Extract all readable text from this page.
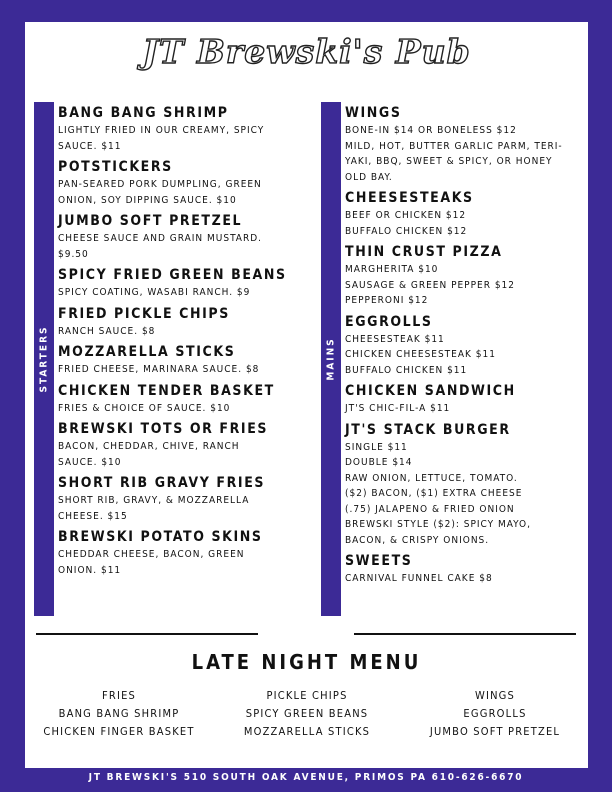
JT Brewski's Pub
STARTERS
BANG BANG SHRIMP

LIGHTLY FRIED IN OUR CREAMY, SPICY
SAUCE. $11

POTSTICKERS

PAN-SEARED PORK DUMPLING, GREEN
ONION, SOY DIPPING SAUCE. $10

JUMBO SOFT PRETZEL

CHEESE SAUCE AND GRAIN MUSTARD.
$9.50

SPICY FRIED GREEN BEANS

SPICY COATING, WASABI RANCH. $9

FRIED PICKLE CHIPS

RANCH SAUCE. $8

MOZZARELLA STICKS

FRIED CHEESE, MARINARA SAUCE. $8

CHICKEN TENDER BASKET

FRIES & CHOICE OF SAUCE. $10

BREWSKI TOTS OR FRIES

BACON, CHEDDAR, CHIVE, RANCH
SAUCE. $10

SHORT RIB GRAVY FRIES

SHORT RIB, GRAVY, & MOZZARELLA
CHEESE. $15

BREWSKI POTATO SKINS

CHEDDAR CHEESE, BACON, GREEN
ONION. $11

MAINS
WINGS

BONE-IN $14 OR BONELESS $12
MILD, HOT, BUTTER GARLIC PARM, TERI-
YAKI, BBQ, SWEET & SPICY, OR HONEY
OLD BAY.

CHEESESTEAKS

BEEF OR CHICKEN $12
BUFFALO CHICKEN $12

THIN CRUST PIZZA

MARGHERITA $10
SAUSAGE & GREEN PEPPER $12
PEPPERONI $12

EGGROLLS

CHEESESTEAK $11
CHICKEN CHEESESTEAK $11
BUFFALO CHICKEN $11

CHICKEN SANDWICH

JT'S CHIC-FIL-A $11

JT'S STACK BURGER

SINGLE $11
DOUBLE $14
RAW ONION, LETTUCE, TOMATO.
($2) BACON, ($1) EXTRA CHEESE
(.75) JALAPENO & FRIED ONION
BREWSKI STYLE ($2): SPICY MAYO,
BACON, & CRISPY ONIONS.

SWEETS

CARNIVAL FUNNEL CAKE $8

LATE NIGHT MENU
FRIES
BANG BANG SHRIMP
CHICKEN FINGER BASKET
PICKLE CHIPS
SPICY GREEN BEANS
MOZZARELLA STICKS
WINGS
EGGROLLS
JUMBO SOFT PRETZEL
JT BREWSKI'S 510 SOUTH OAK AVENUE, PRIMOS PA 610-626-6670
